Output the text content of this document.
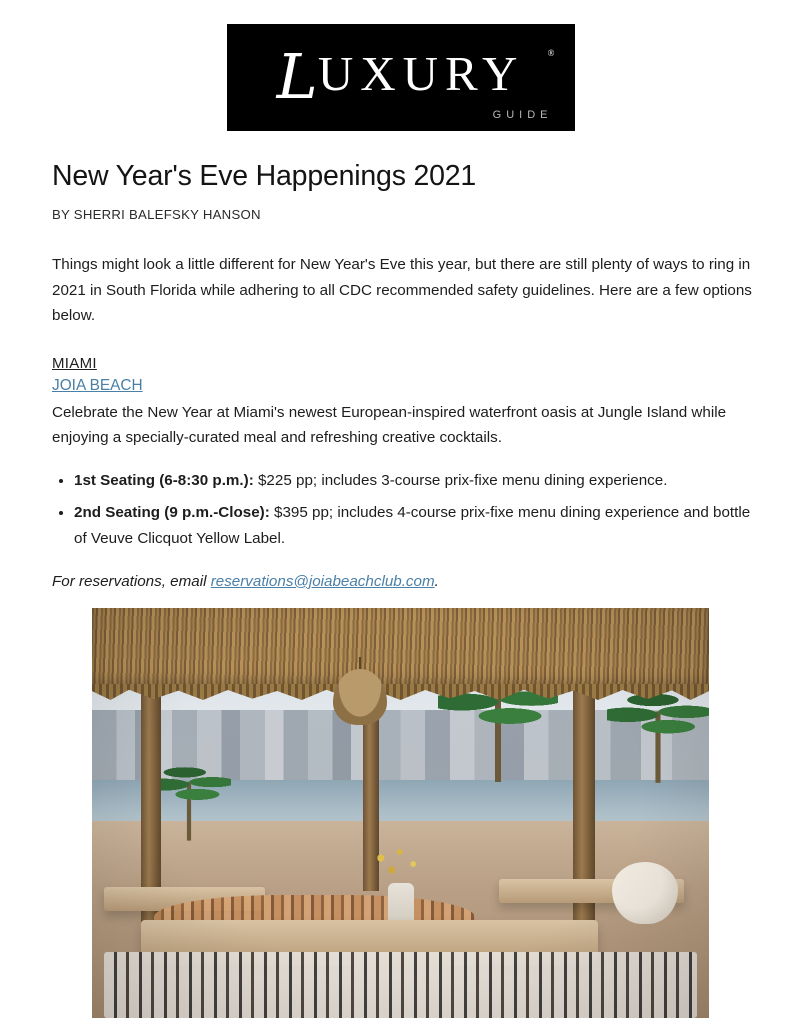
LUXURY	®
GUIDE
New Year's Eve Happenings 2021
BY SHERRI BALEFSKY HANSON

Things might look a little different for New Year's Eve this year, but there are still plenty of ways to ring in 2021 in South Florida while adhering to all CDC recommended safety guidelines. Here are a few options below.

MIAMI
JOIA BEACH

Celebrate the New Year at Miami's newest European-inspired waterfront oasis at Jungle Island while enjoying a specially-curated meal and refreshing creative cocktails.

• 1st Seating (6-8:30 p.m.): $225 pp; includes 3-course prix-fixe menu dining experience.
• 2nd Seating (9 p.m.-Close): $395 pp; includes 4-course prix-fixe menu dining experience and bottle of Veuve Clicquot Yellow Label.

For reservations, email reservations@joiabeachclub.com.
